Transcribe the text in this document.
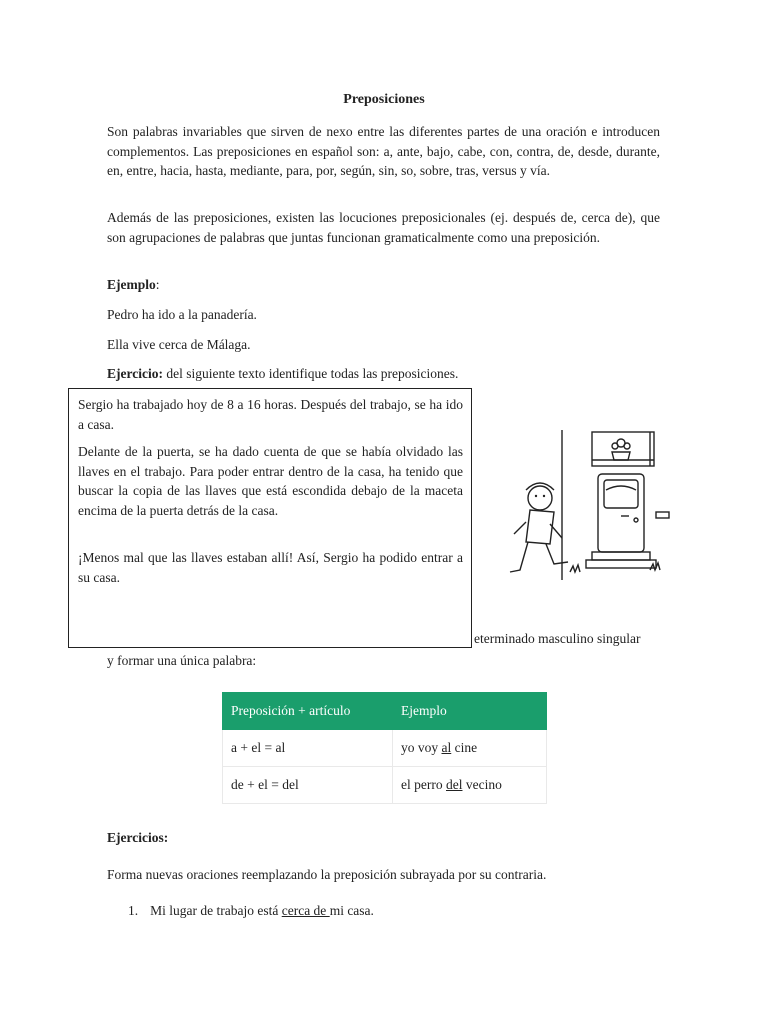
Preposiciones
Son palabras invariables que sirven de nexo entre las diferentes partes de una oración e introducen complementos. Las preposiciones en español son: a, ante, bajo, cabe, con, contra, de, desde, durante, en, entre, hacia, hasta, mediante, para, por, según, sin, so, sobre, tras, versus y vía.
Además de las preposiciones, existen las locuciones preposicionales (ej. después de, cerca de), que son agrupaciones de palabras que juntas funcionan gramaticalmente como una preposición.
Ejemplo:
Pedro ha ido a la panadería.
Ella vive cerca de Málaga.
Ejercicio: del siguiente texto identifique todas las preposiciones.
eterminado masculino singular
y formar una única palabra:
Sergio ha trabajado hoy de 8 a 16 horas. Después del trabajo, se ha ido a casa.
Delante de la puerta, se ha dado cuenta de que se había olvidado las llaves en el trabajo. Para poder entrar dentro de la casa, ha tenido que buscar la copia de las llaves que está escondida debajo de la maceta encima de la puerta detrás de la casa.
¡Menos mal que las llaves estaban allí! Así, Sergio ha podido entrar a su casa.
Preposición + artículo	Ejemplo
a + el = al	yo voy al cine
de + el = del	el perro del vecino
Ejercicios:
Forma nuevas oraciones reemplazando la preposición subrayada por su contraria.
1. Mi lugar de trabajo está cerca de mi casa.
